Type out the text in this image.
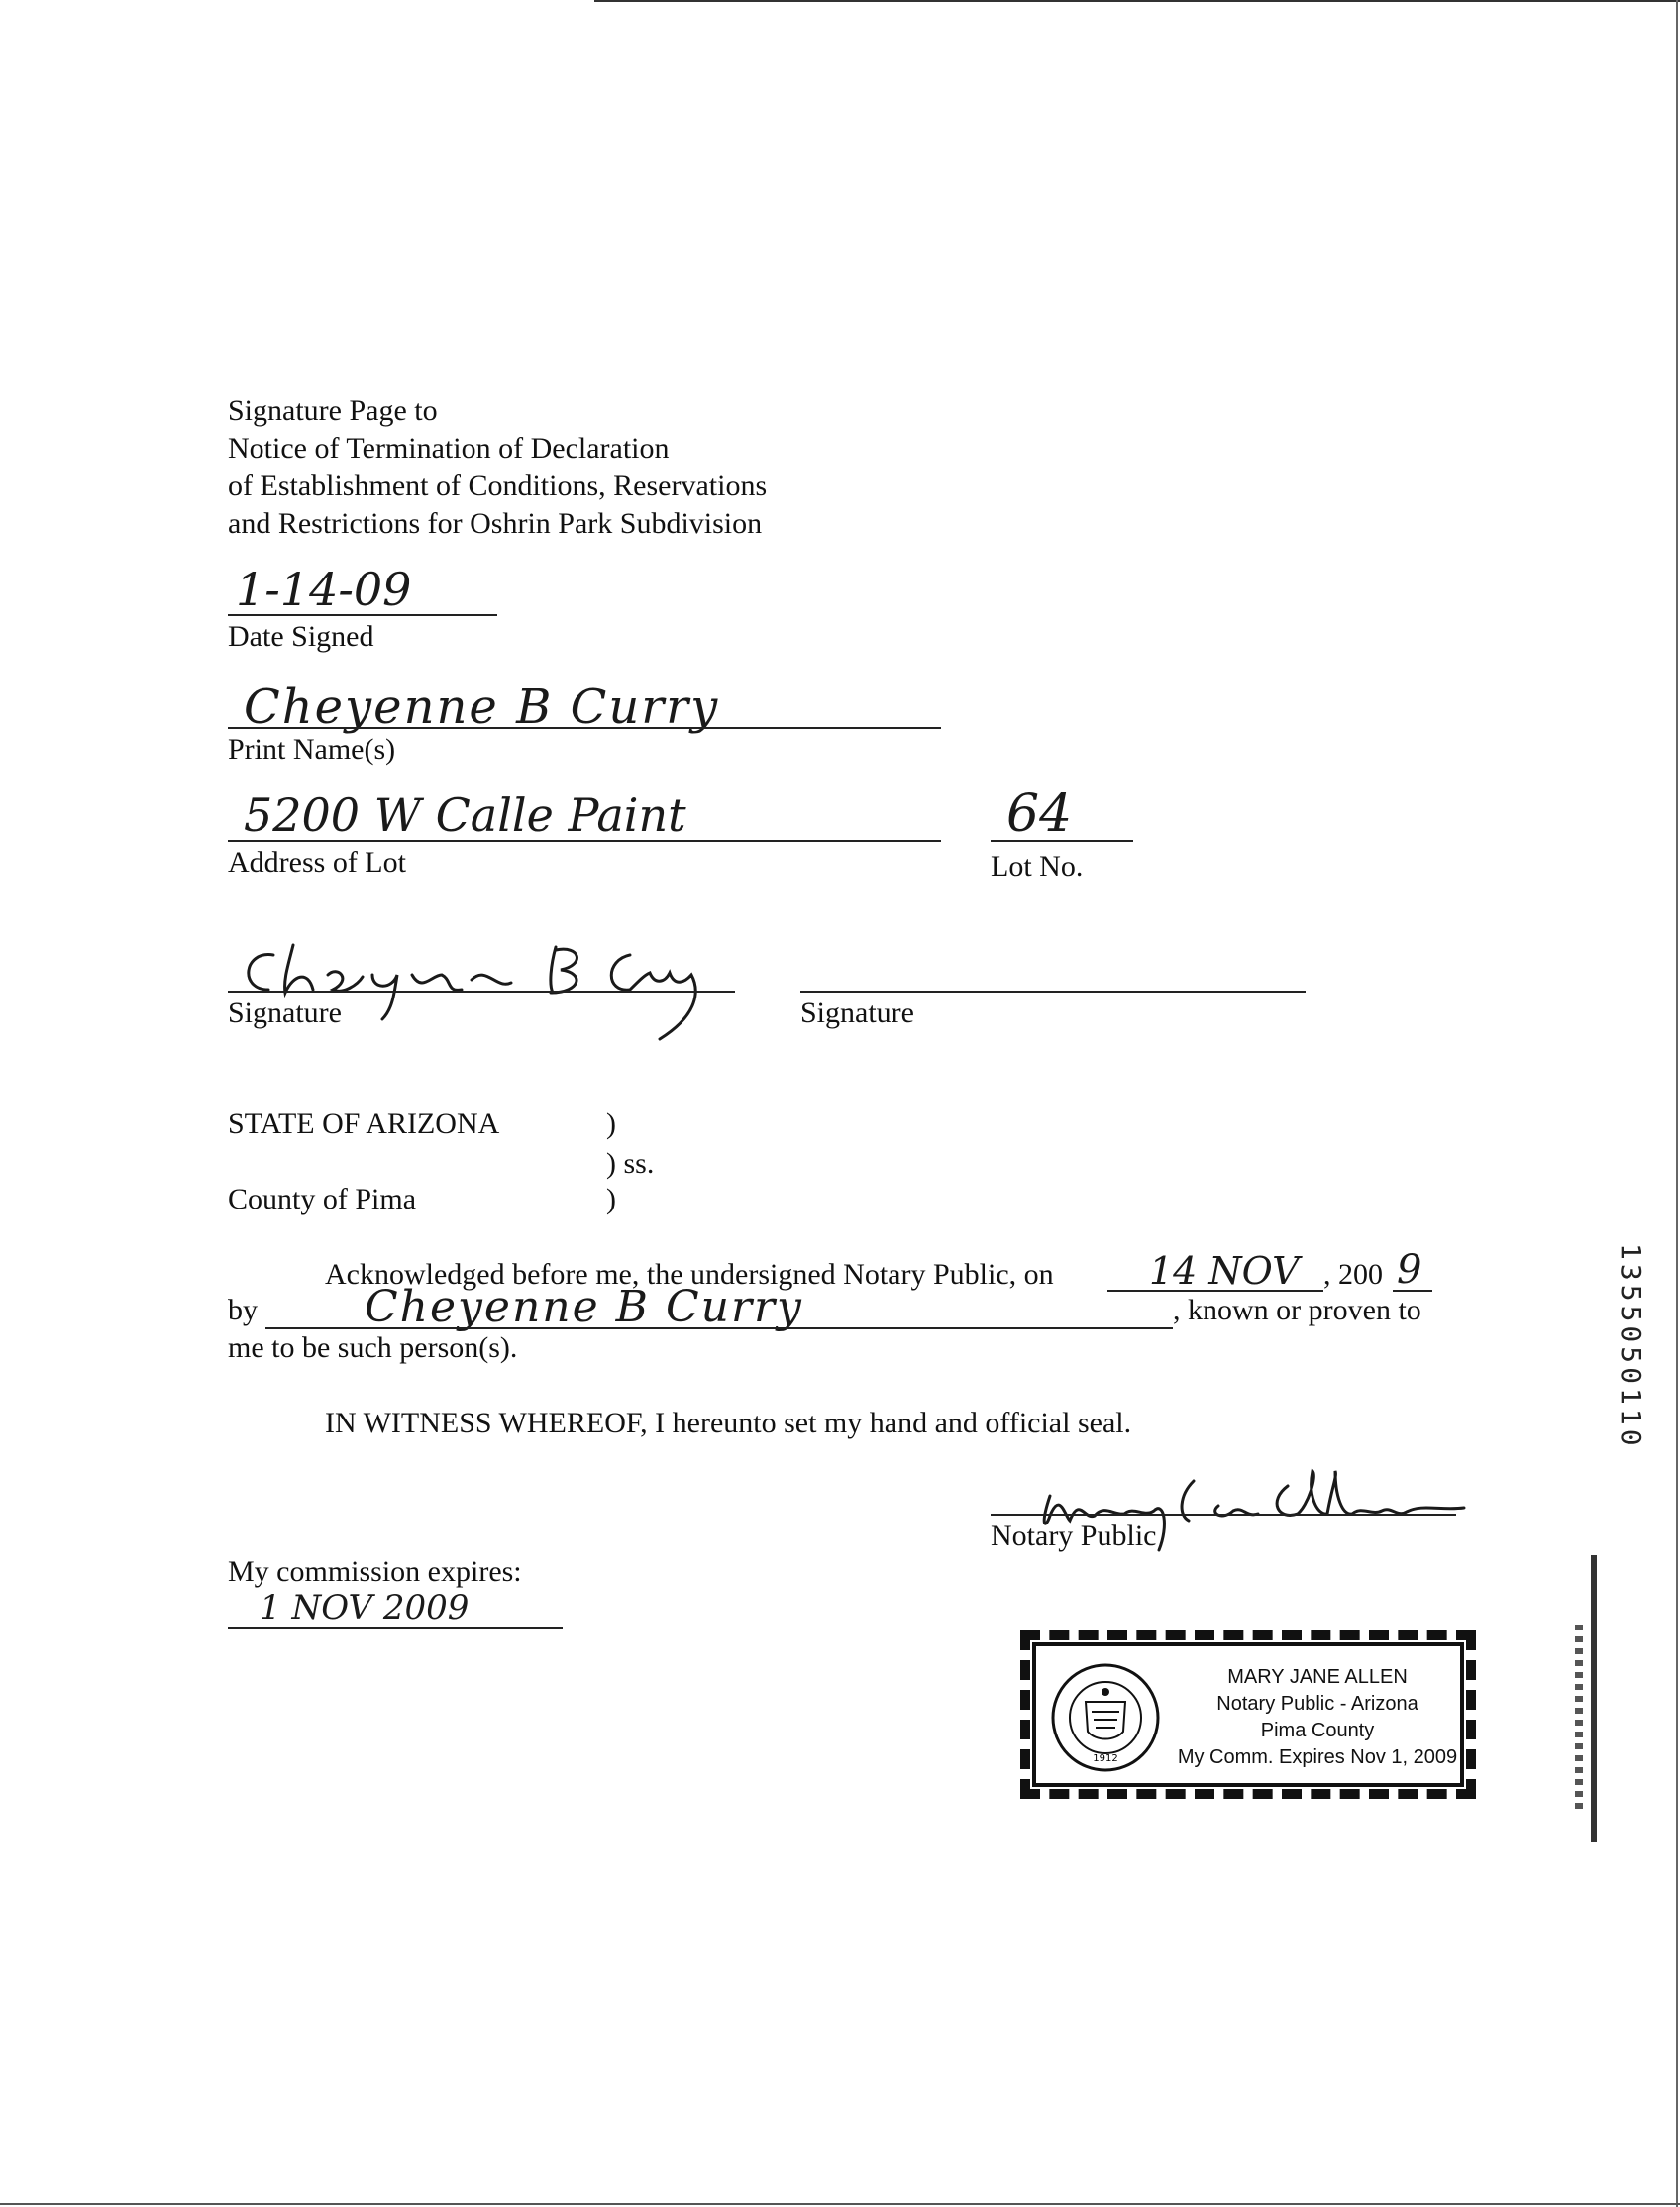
Signature Page to
Notice of Termination of Declaration
of Establishment of Conditions, Reservations
and Restrictions for Oshrin Park Subdivision
1-14-09
Date Signed
Cheyenne B Curry
Print Name(s)
5200 W Calle Paint
Address of Lot
64
Lot No.
Signature	Signature
STATE OF ARIZONA	)
) ss.
County of Pima	)
Acknowledged before me, the undersigned Notary Public, on	14 NOV , 200 9
by Cheyenne B Curry	, known or proven to
me to be such person(s).
IN WITNESS WHEREOF, I hereunto set my hand and official seal.
Notary Public
My commission expires:
1 NOV 2009
1912
MARY JANE ALLEN
Notary Public - Arizona
Pima County
My Comm. Expires Nov 1, 2009
1355050110
